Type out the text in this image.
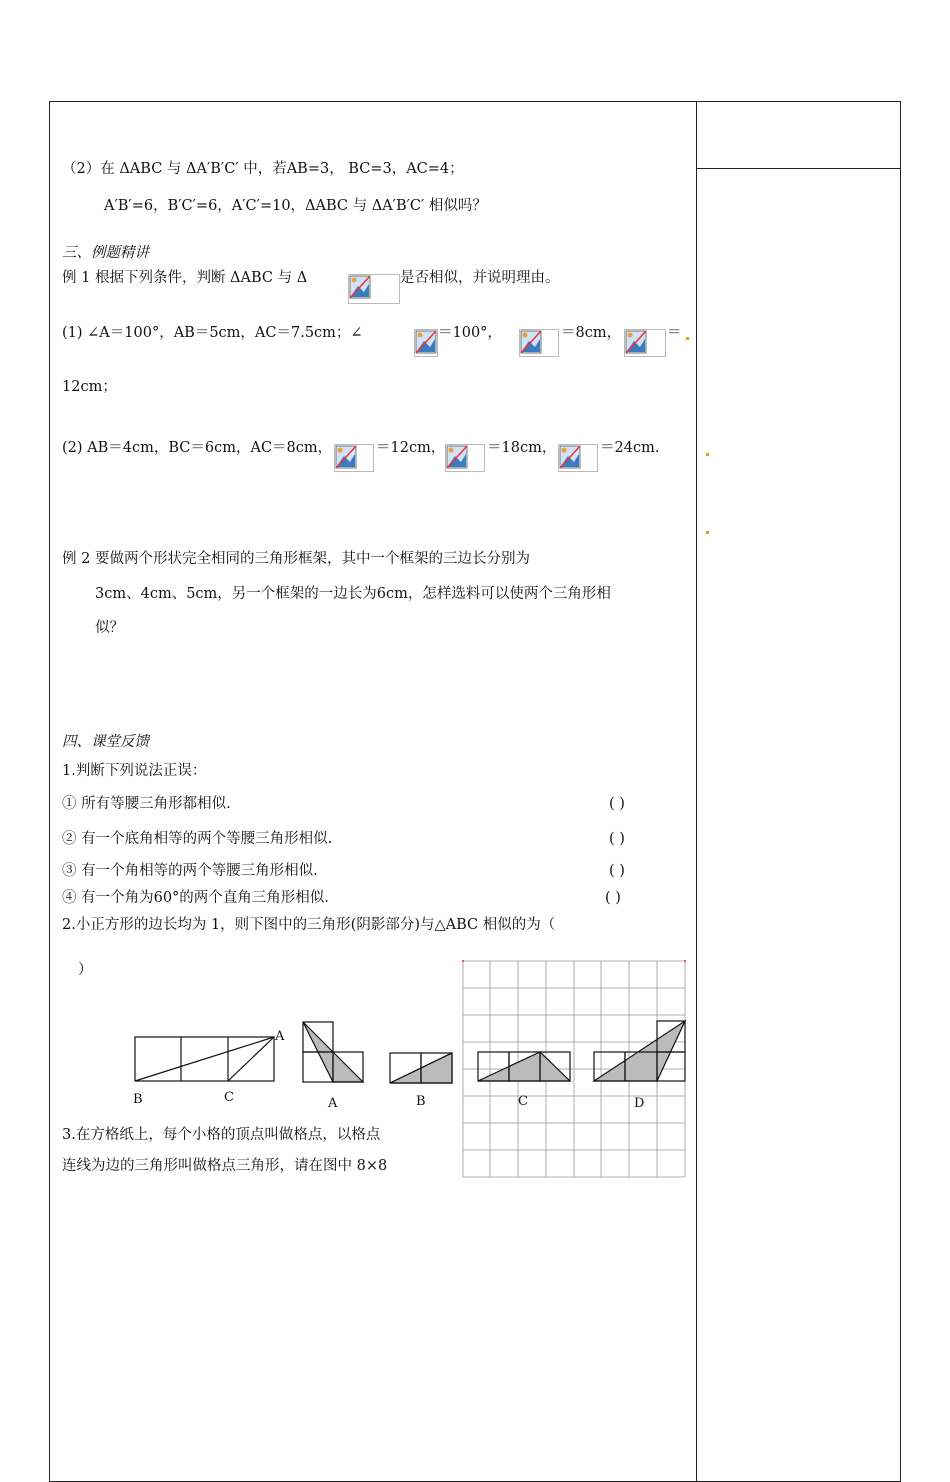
（2）在 ΔABC 与 ΔA′B′C′ 中，若AB=3， BC=3，AC=4；
A′B′=6，B′C′=6，A′C′=10，ΔABC 与 ΔA′B′C′ 相似吗？
三、例题精讲
例 1 根据下列条件，判断 ΔABC 与 Δ	是否相似，并说明理由。
(1) ∠A＝100°，AB＝5cm，AC＝7.5cm；∠	＝100°，	＝8cm，	＝
12cm；
(2) AB＝4cm，BC＝6cm，AC＝8cm，	＝12cm，	＝18cm，	＝24cm.
例 2 要做两个形状完全相同的三角形框架，其中一个框架的三边长分别为
3cm、4cm、5cm，另一个框架的一边长为6cm，怎样选料可以使两个三角形相
似？
四、课堂反馈
1.判断下列说法正误：
① 所有等腰三角形都相似.	( )
② 有一个底角相等的两个等腰三角形相似.	( )
③ 有一个角相等的两个等腰三角形相似.	( )
④ 有一个角为60°的两个直角三角形相似.	( )
2.小正方形的边长均为 1，则下图中的三角形(阴影部分)与△ABC 相似的为（
）
A
B	C	A	B	C	D
3.在方格纸上，每个小格的顶点叫做格点，以格点
连线为边的三角形叫做格点三角形，请在图中 8×8
